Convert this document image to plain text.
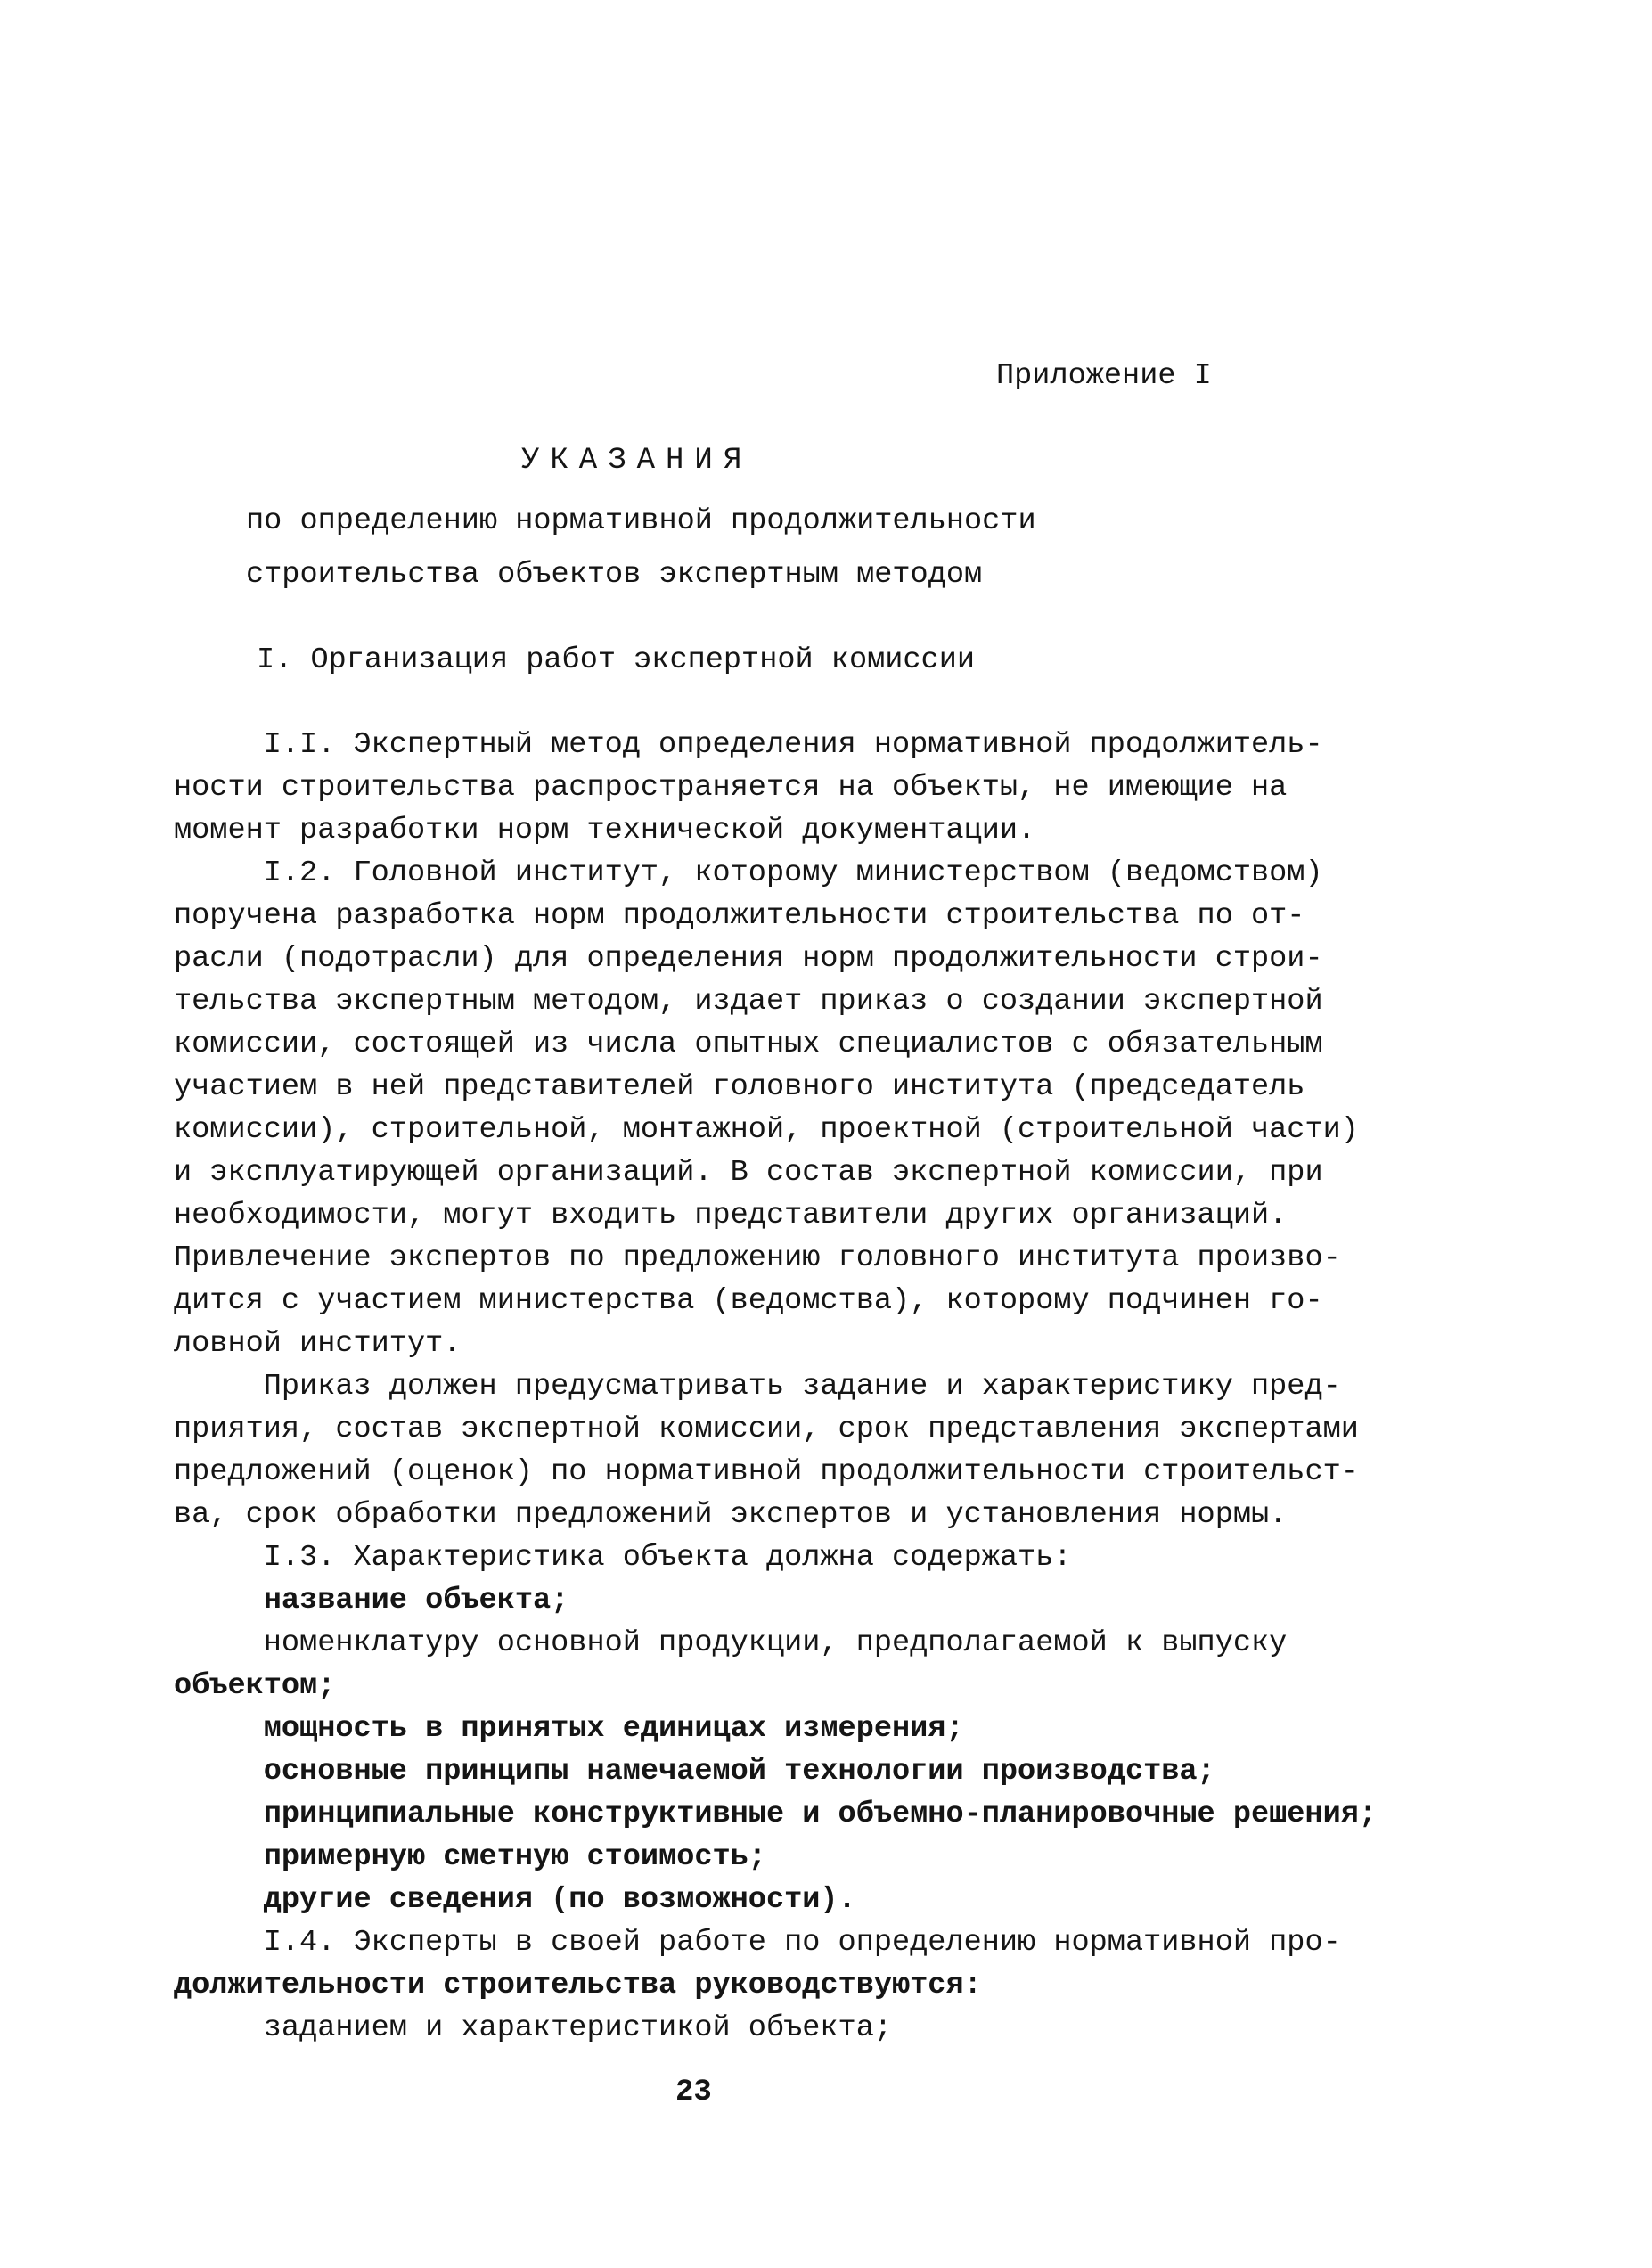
Приложение I
УКАЗАНИЯ
по определению нормативной продолжительности
строительства объектов экспертным методом
I. Организация работ экспертной комиссии
I.I. Экспертный метод определения нормативной продолжитель-
ности строительства распространяется на объекты, не имеющие на
момент разработки норм технической документации.
I.2. Головной институт, которому министерством (ведомством)
поручена разработка норм продолжительности строительства по от-
расли (подотрасли) для определения норм продолжительности строи-
тельства экспертным методом, издает приказ о создании экспертной
комиссии, состоящей из числа опытных специалистов с обязательным
участием в ней представителей головного института (председатель
комиссии), строительной, монтажной, проектной (строительной части)
и эксплуатирующей организаций. В состав экспертной комиссии, при
необходимости, могут входить представители других организаций.
Привлечение экспертов по предложению головного института произво-
дится с участием министерства (ведомства), которому подчинен го-
ловной институт.
Приказ должен предусматривать задание и характеристику пред-
приятия, состав экспертной комиссии, срок представления экспертами
предложений (оценок) по нормативной продолжительности строительст-
ва, срок обработки предложений экспертов и установления нормы.
I.3. Характеристика объекта должна содержать:
название объекта;
номенклатуру основной продукции, предполагаемой к выпуску
объектом;
мощность в принятых единицах измерения;
основные принципы намечаемой технологии производства;
принципиальные конструктивные и объемно-планировочные решения;
примерную сметную стоимость;
другие сведения (по возможности).
I.4. Эксперты в своей работе по определению нормативной про-
должительности строительства руководствуются:
заданием и характеристикой объекта;
23
